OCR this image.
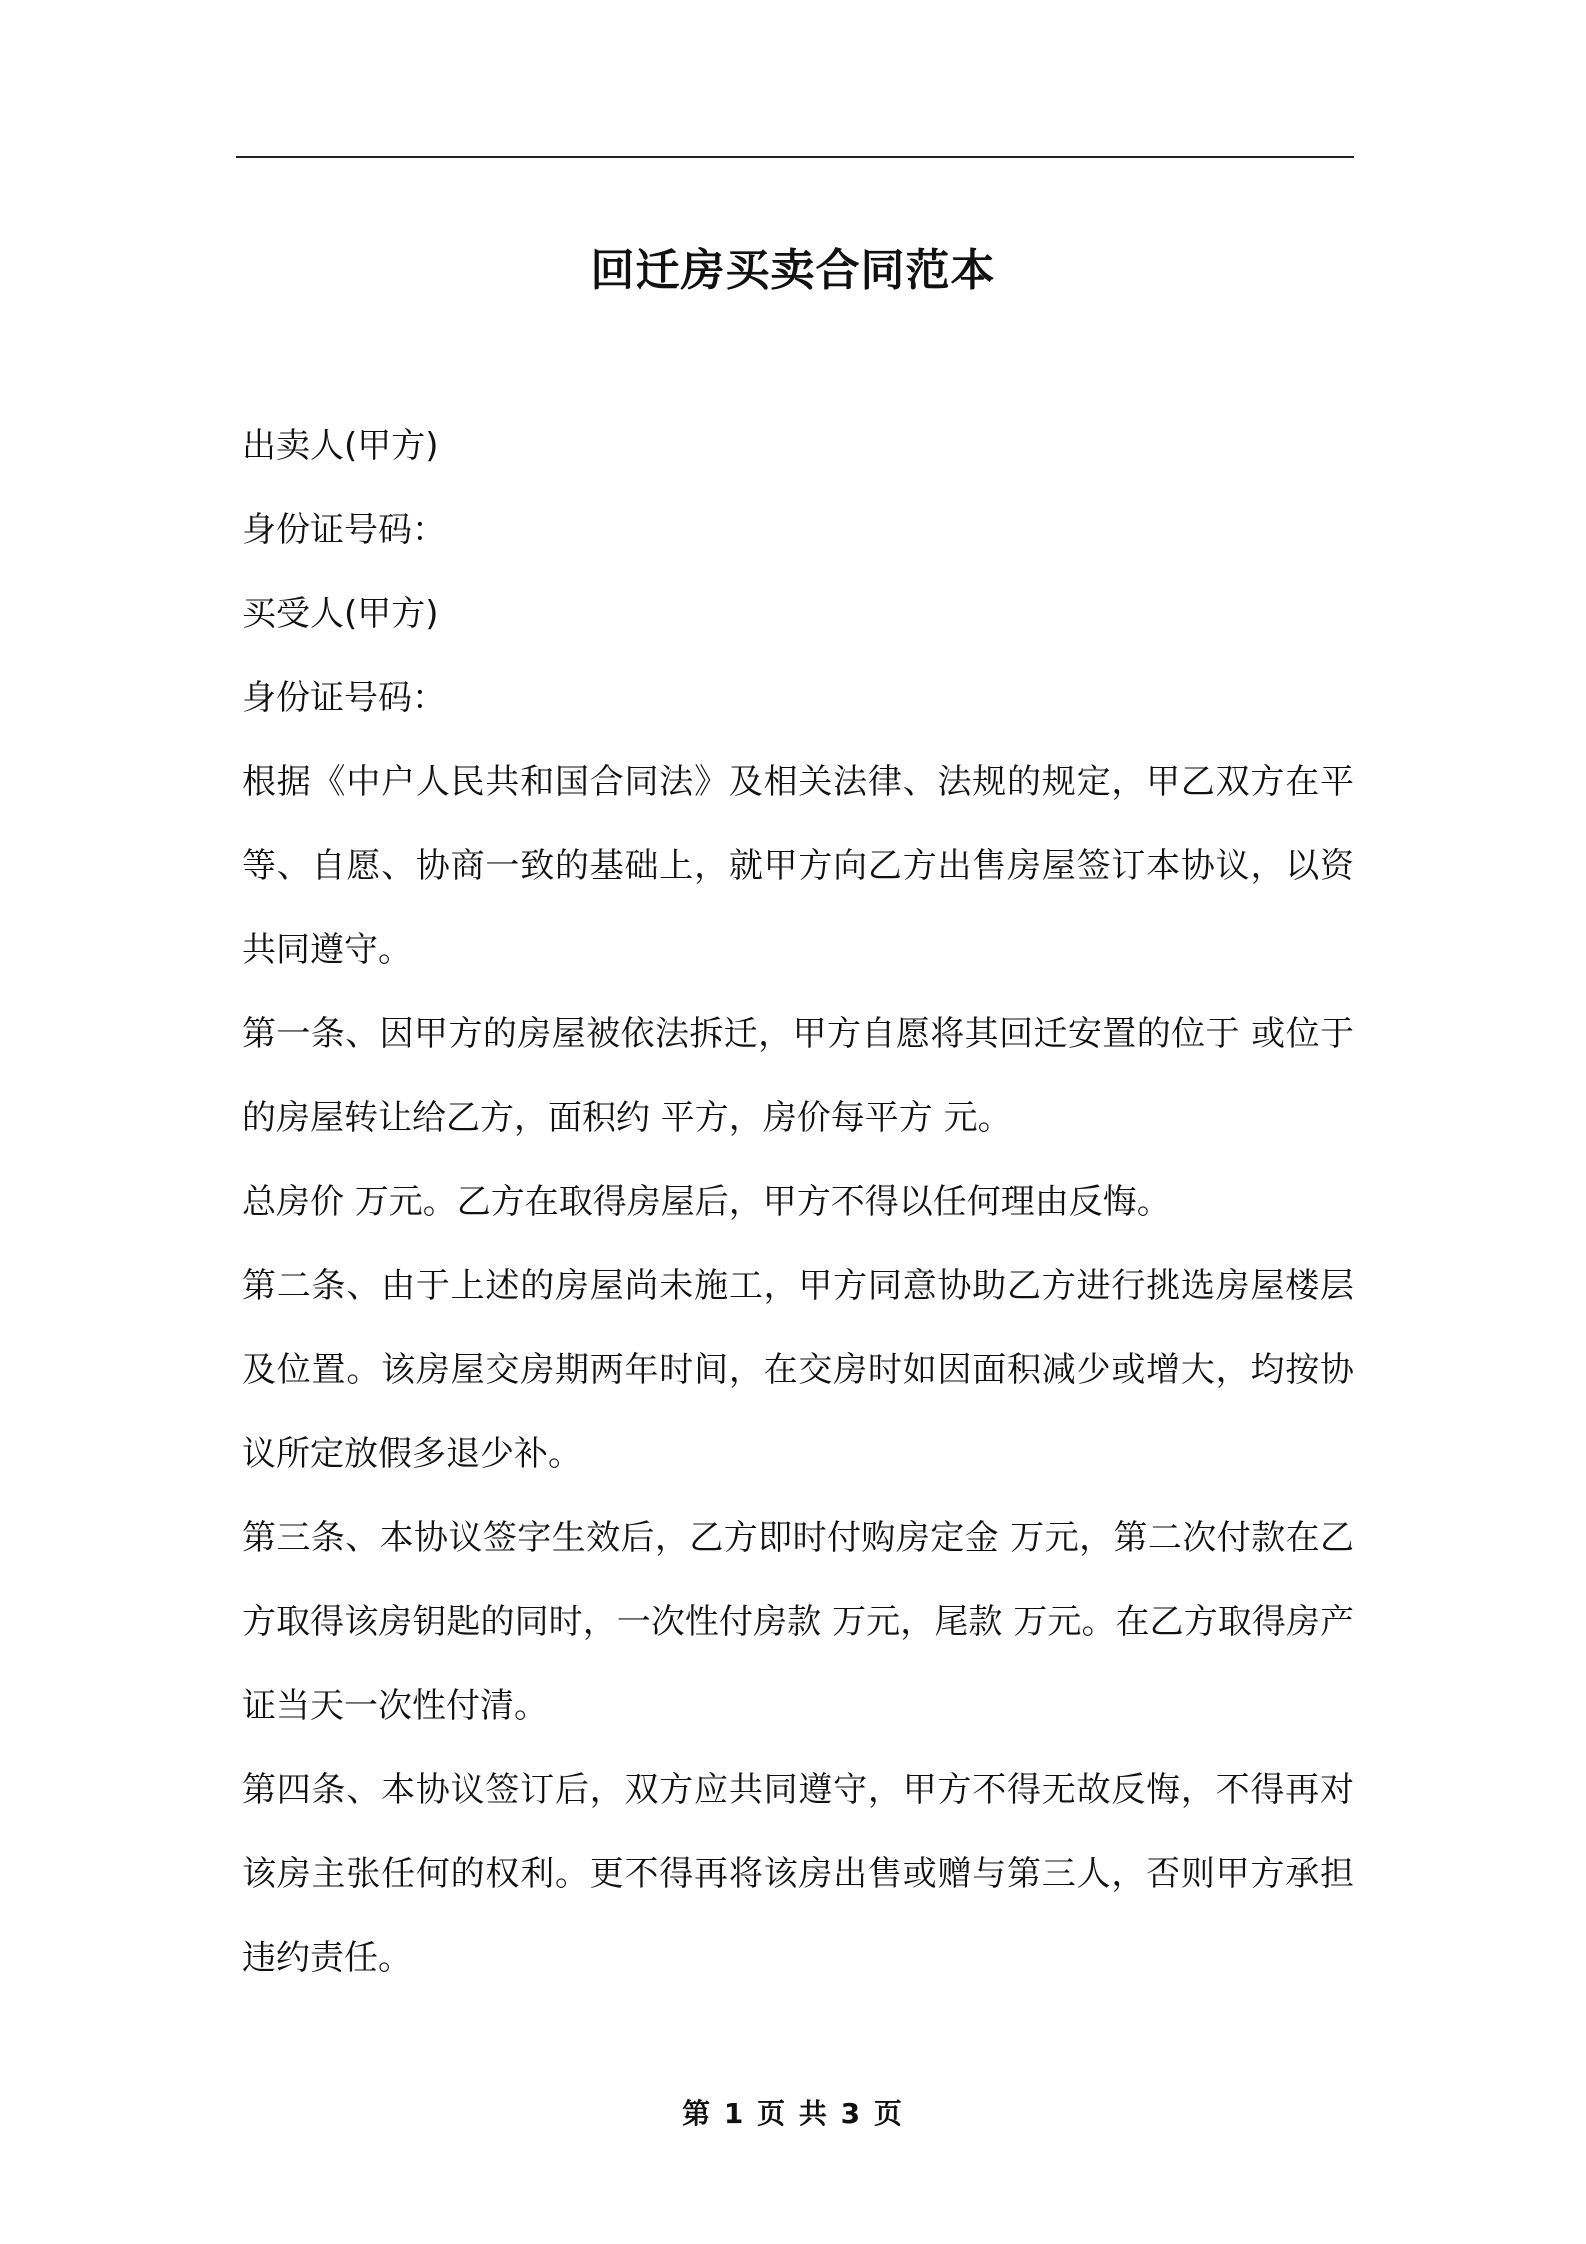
回迁房买卖合同范本

出卖人(甲方)

身份证号码：

买受人(甲方)

身份证号码：

根据《中户人民共和国合同法》及相关法律、法规的规定，甲乙双方在平等、自愿、协商一致的基础上，就甲方向乙方出售房屋签订本协议，以资共同遵守。

第一条、因甲方的房屋被依法拆迁，甲方自愿将其回迁安置的位于 或位于 的房屋转让给乙方，面积约 平方，房价每平方 元。

总房价 万元。乙方在取得房屋后，甲方不得以任何理由反悔。

第二条、由于上述的房屋尚未施工，甲方同意协助乙方进行挑选房屋楼层及位置。该房屋交房期两年时间，在交房时如因面积减少或增大，均按协议所定放假多退少补。

第三条、本协议签字生效后，乙方即时付购房定金 万元，第二次付款在乙方取得该房钥匙的同时，一次性付房款 万元，尾款 万元。在乙方取得房产证当天一次性付清。

第四条、本协议签订后，双方应共同遵守，甲方不得无故反悔，不得再对该房主张任何的权利。更不得再将该房出售或赠与第三人，否则甲方承担违约责任。

第 1 页 共 3 页
